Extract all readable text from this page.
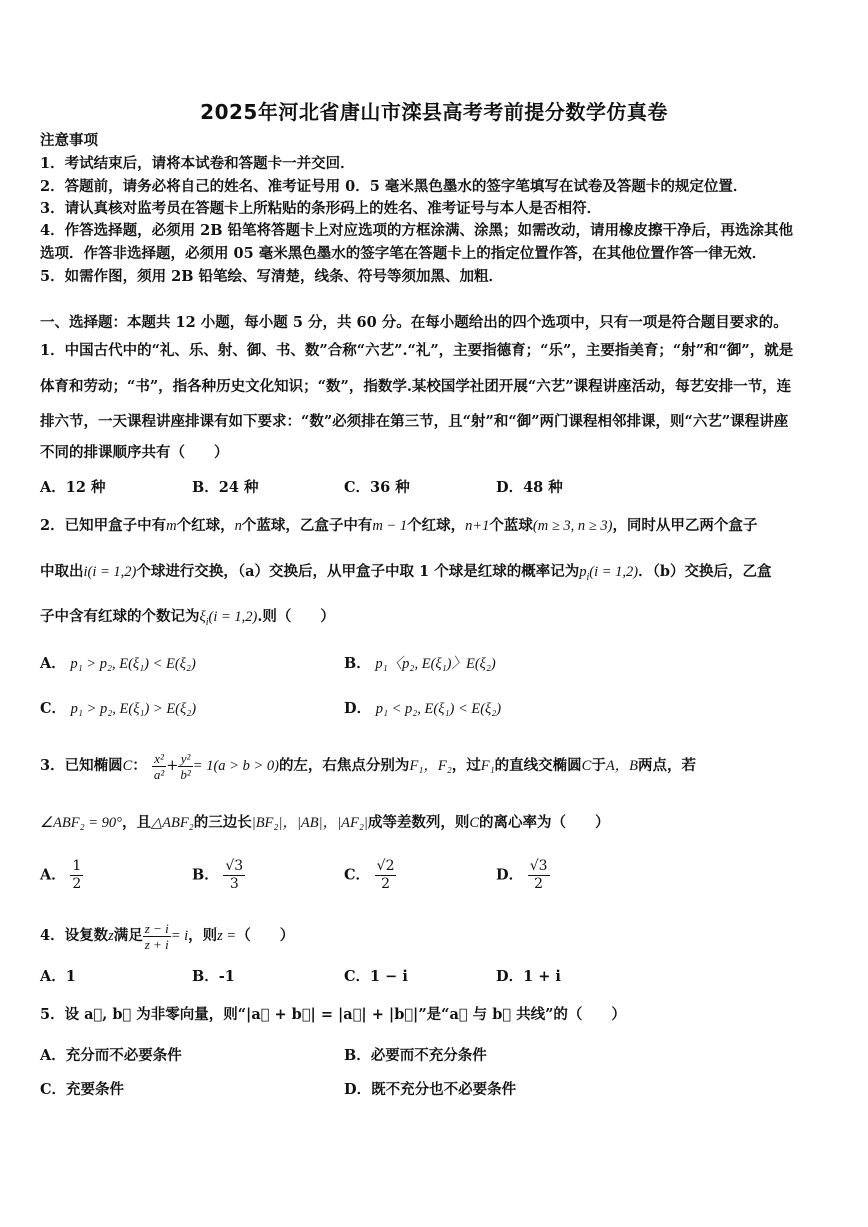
2025年河北省唐山市滦县高考考前提分数学仿真卷
注意事项
1．考试结束后，请将本试卷和答题卡一并交回．
2．答题前，请务必将自己的姓名、准考证号用 0．5 毫米黑色墨水的签字笔填写在试卷及答题卡的规定位置．
3．请认真核对监考员在答题卡上所粘贴的条形码上的姓名、准考证号与本人是否相符．
4．作答选择题，必须用 2B 铅笔将答题卡上对应选项的方框涂满、涂黑；如需改动，请用橡皮擦干净后，再选涂其他
选项．作答非选择题，必须用 05 毫米黑色墨水的签字笔在答题卡上的指定位置作答，在其他位置作答一律无效．
5．如需作图，须用 2B 铅笔绘、写清楚，线条、符号等须加黑、加粗．
一、选择题：本题共 12 小题，每小题 5 分，共 60 分。在每小题给出的四个选项中，只有一项是符合题目要求的。
1．中国古代中的“礼、乐、射、御、书、数”合称“六艺”.“礼”，主要指德育；“乐”，主要指美育；“射”和“御”，就是
体育和劳动；“书”，指各种历史文化知识；“数”，指数学.某校国学社团开展“六艺”课程讲座活动，每艺安排一节，连
排六节，一天课程讲座排课有如下要求：“数”必须排在第三节，且“射”和“御”两门课程相邻排课，则“六艺”课程讲座
不同的排课顺序共有（　　）
A．12 种	B．24 种	C．36 种	D．48 种
2．已知甲盒子中有m个红球，n个蓝球，乙盒子中有m − 1个红球，n+1个蓝球(m ≥ 3, n ≥ 3)，同时从甲乙两个盒子
中取出i(i = 1,2)个球进行交换，（a）交换后，从甲盒子中取 1 个球是红球的概率记为$p_i(i = 1,2)$．（b）交换后，乙盒
子中含有红球的个数记为$\xi_i(i = 1,2)$.则（　　）
A． p₁ > p₂, E(ξ₁) < E(ξ₂)	B． p₁〈p₂, E(ξ₁)〉E(ξ₂)
C． p₁ > p₂, E(ξ₁) > E(ξ₂)	D． p₁ < p₂, E(ξ₁) < E(ξ₂)
3．已知椭圆C： $\frac{\text{x²}}{\text{a²}} + \frac{\text{y²}}{\text{b²}} = 1(a > b > 0)$的左，右焦点分别为F₁，F₂，过F₁的直线交椭圆C于A，B两点，若
∠ABF₂ = 90°，且△ABF₂的三边长|BF₂|，|AB|，|AF₂|成等差数列，则C的离心率为（　　）
A． $\frac{1}{2}$	B． $\frac{√3}{3}$	C． $\frac{√2}{2}$	D． $\frac{√3}{2}$
4．设复数z满足 $\frac{z - i}{z + i} = i$，则z =（　　）
A．1	B．-1	C．1 − i	D．1 + i
5．设 a⃗, b⃗ 为非零向量，则“|a⃗ + b⃗| = |a⃗| + |b⃗|”是“a⃗ 与 b⃗ 共线”的（　　）
A．充分而不必要条件	B．必要而不充分条件
C．充要条件	D．既不充分也不必要条件
